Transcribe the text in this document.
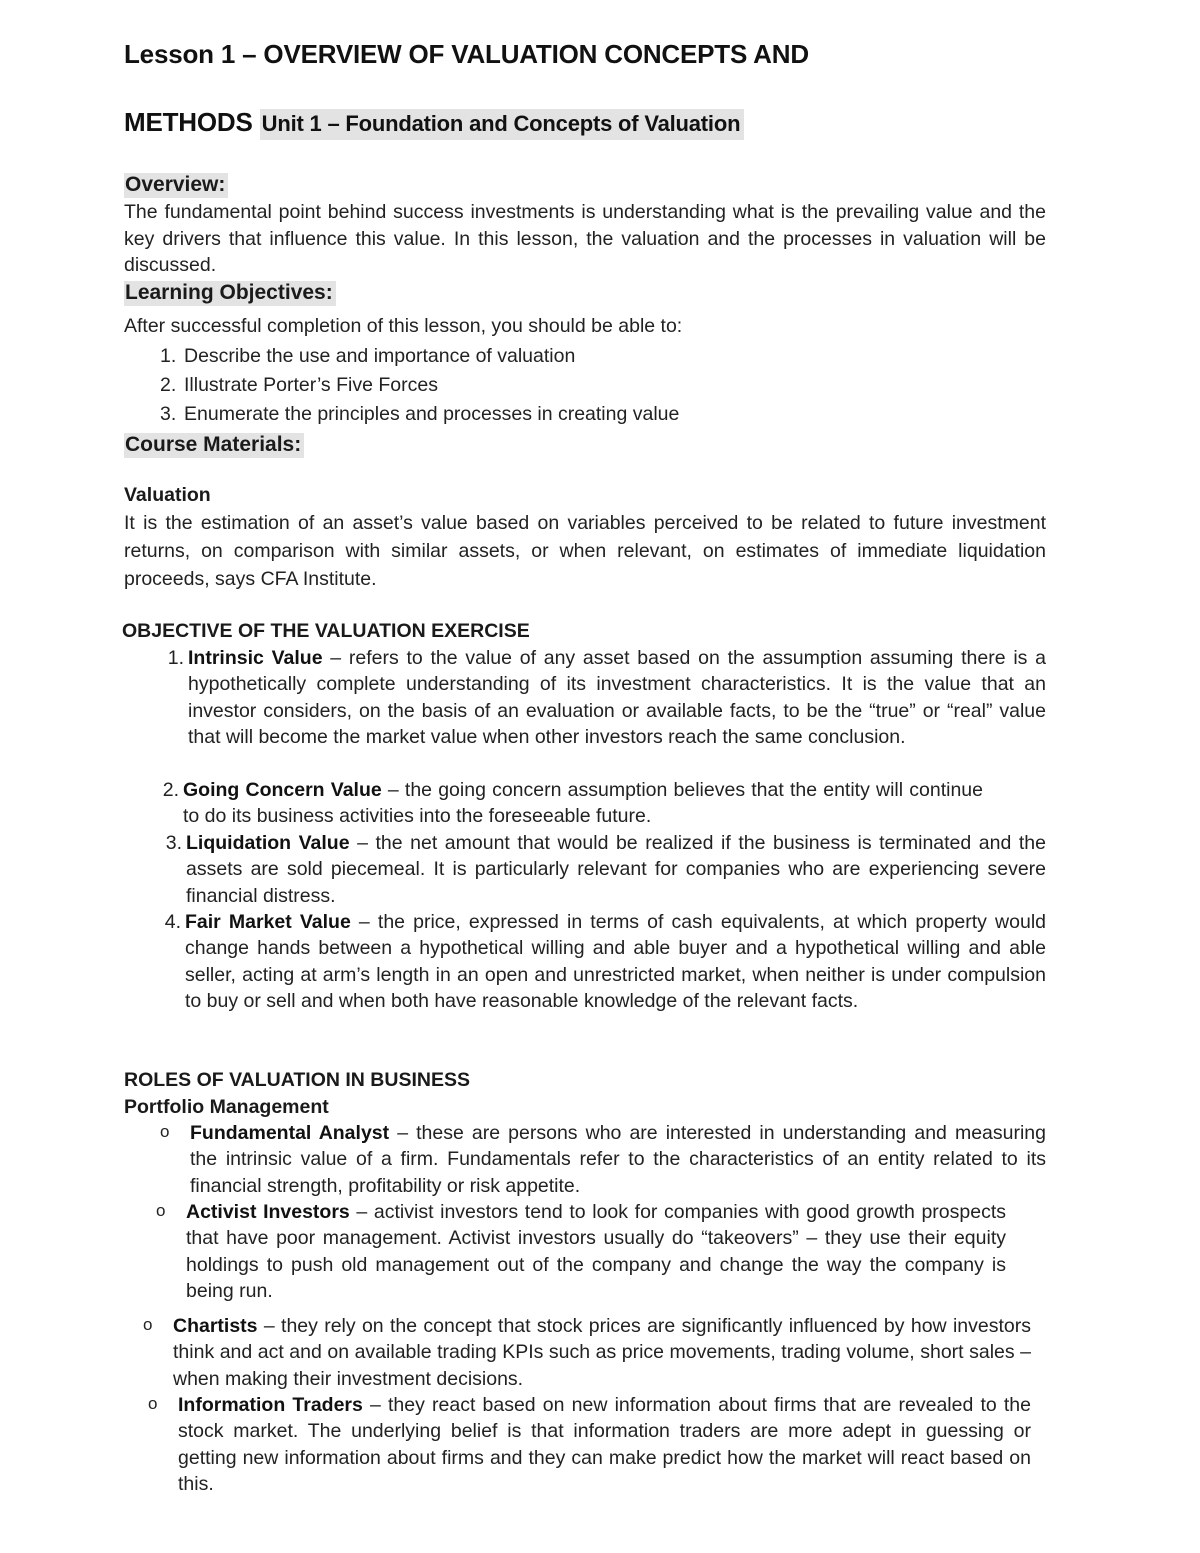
Lesson 1 – OVERVIEW OF VALUATION CONCEPTS AND
METHODS Unit 1 – Foundation and Concepts of Valuation
Overview:
The fundamental point behind success investments is understanding what is the prevailing value and the key drivers that influence this value. In this lesson, the valuation and the processes in valuation will be discussed.
Learning Objectives:
After successful completion of this lesson, you should be able to:
1. Describe the use and importance of valuation
2. Illustrate Porter’s Five Forces
3. Enumerate the principles and processes in creating value
Course Materials:
Valuation
It is the estimation of an asset’s value based on variables perceived to be related to future investment returns, on comparison with similar assets, or when relevant, on estimates of immediate liquidation proceeds, says CFA Institute.
OBJECTIVE OF THE VALUATION EXERCISE
1. Intrinsic Value – refers to the value of any asset based on the assumption assuming there is a hypothetically complete understanding of its investment characteristics. It is the value that an investor considers, on the basis of an evaluation or available facts, to be the “true” or “real” value that will become the market value when other investors reach the same conclusion.
2. Going Concern Value – the going concern assumption believes that the entity will continue to do its business activities into the foreseeable future.
3. Liquidation Value – the net amount that would be realized if the business is terminated and the assets are sold piecemeal. It is particularly relevant for companies who are experiencing severe financial distress.
4. Fair Market Value – the price, expressed in terms of cash equivalents, at which property would change hands between a hypothetical willing and able buyer and a hypothetical willing and able seller, acting at arm’s length in an open and unrestricted market, when neither is under compulsion to buy or sell and when both have reasonable knowledge of the relevant facts.
ROLES OF VALUATION IN BUSINESS
Portfolio Management
o Fundamental Analyst – these are persons who are interested in understanding and measuring the intrinsic value of a firm. Fundamentals refer to the characteristics of an entity related to its financial strength, profitability or risk appetite.
o Activist Investors – activist investors tend to look for companies with good growth prospects that have poor management. Activist investors usually do “takeovers” – they use their equity holdings to push old management out of the company and change the way the company is being run.
o Chartists – they rely on the concept that stock prices are significantly influenced by how investors think and act and on available trading KPIs such as price movements, trading volume, short sales – when making their investment decisions.
o Information Traders – they react based on new information about firms that are revealed to the stock market. The underlying belief is that information traders are more adept in guessing or getting new information about firms and they can make predict how the market will react based on this.
